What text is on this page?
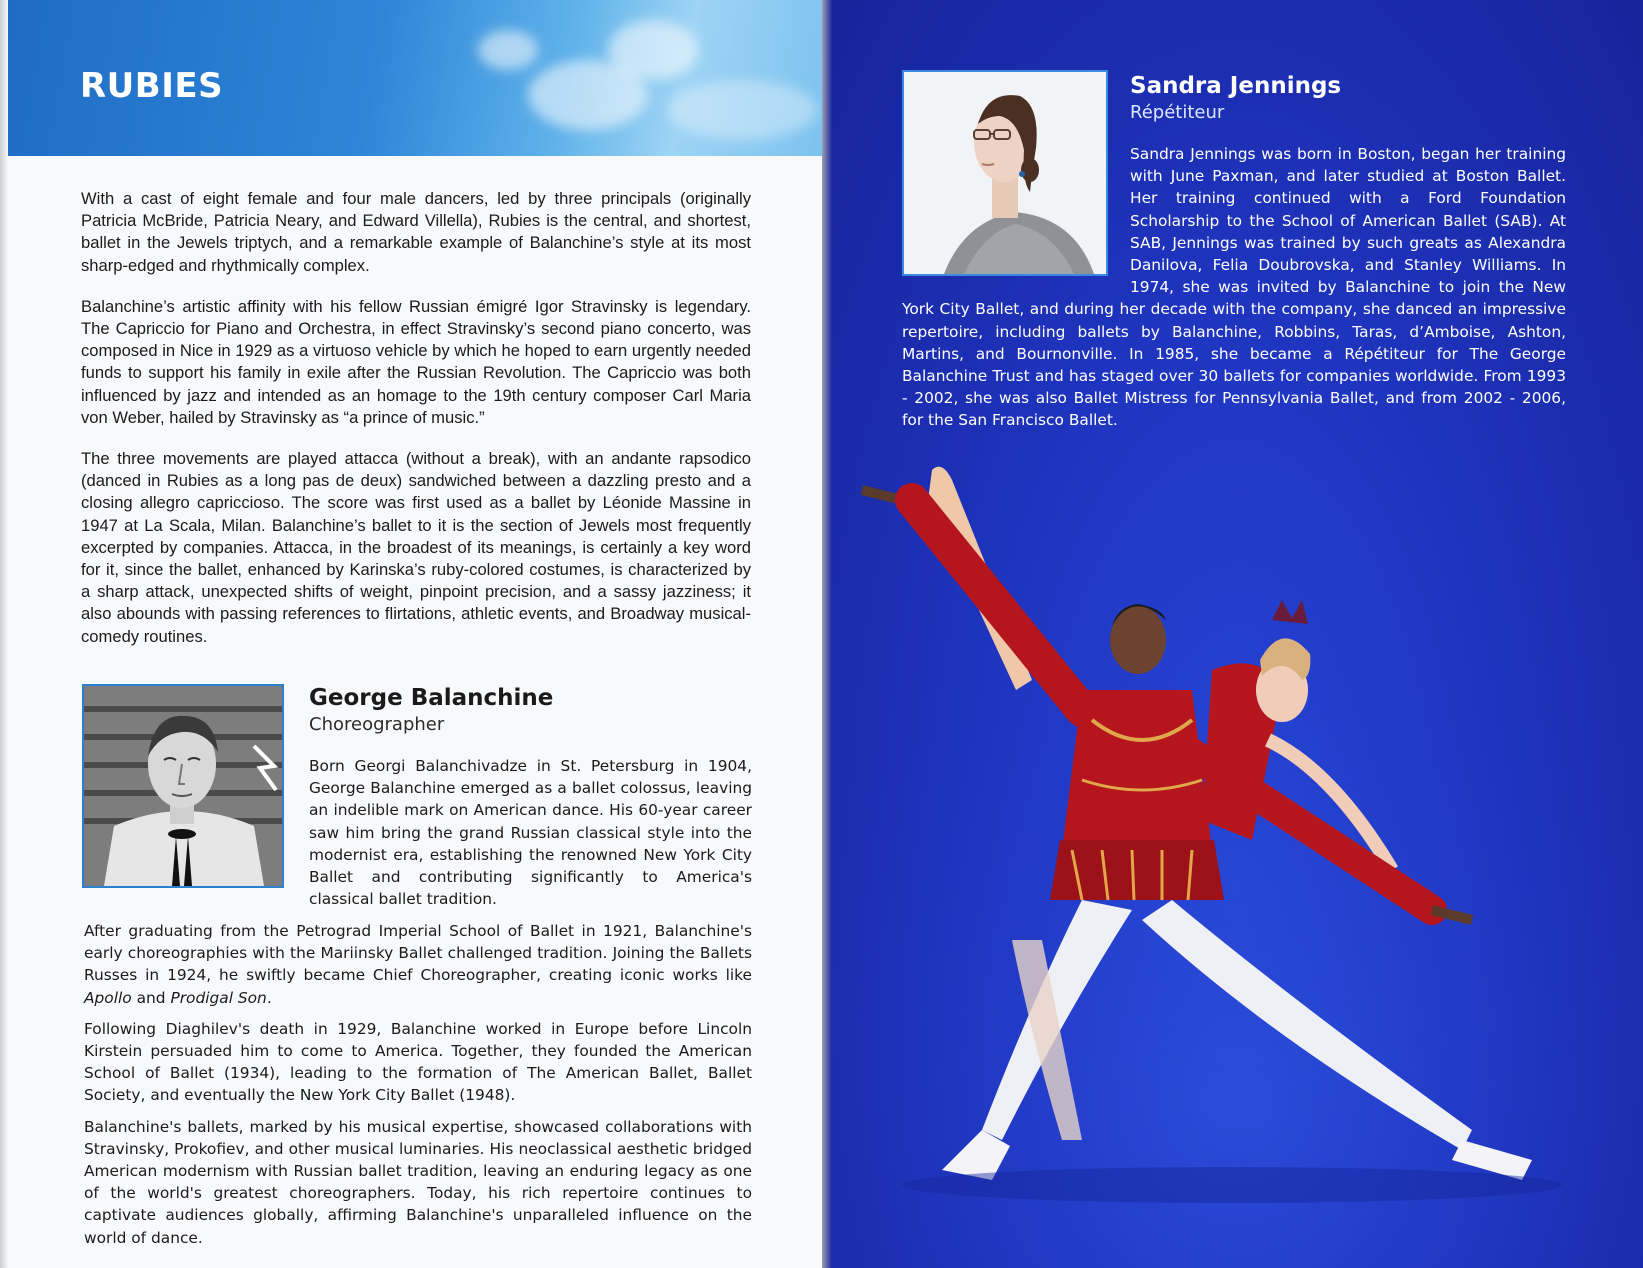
RUBIES

With a cast of eight female and four male dancers, led by three principals (originally Patricia McBride, Patricia Neary, and Edward Villella), Rubies is the central, and shortest, ballet in the Jewels triptych, and a remarkable example of Balanchine’s style at its most sharp-edged and rhythmically complex.

Balanchine’s artistic affinity with his fellow Russian émigré Igor Stravinsky is legendary. The Capriccio for Piano and Orchestra, in effect Stravinsky’s second piano concerto, was composed in Nice in 1929 as a virtuoso vehicle by which he hoped to earn urgently needed funds to support his family in exile after the Russian Revolution. The Capriccio was both influenced by jazz and intended as an homage to the 19th century composer Carl Maria von Weber, hailed by Stravinsky as “a prince of music.”

The three movements are played attacca (without a break), with an andante rapsodico (danced in Rubies as a long pas de deux) sandwiched between a dazzling presto and a closing allegro capriccioso. The score was first used as a ballet by Léonide Massine in 1947 at La Scala, Milan. Balanchine’s ballet to it is the section of Jewels most frequently excerpted by companies. Attacca, in the broadest of its meanings, is certainly a key word for it, since the ballet, enhanced by Karinska’s ruby-colored costumes, is characterized by a sharp attack, unexpected shifts of weight, pinpoint precision, and a sassy jazziness; it also abounds with passing references to flirtations, athletic events, and Broadway musical-comedy routines.

George Balanchine

Choreographer

Born Georgi Balanchivadze in St. Petersburg in 1904, George Balanchine emerged as a ballet colossus, leaving an indelible mark on American dance. His 60-year career saw him bring the grand Russian classical style into the modernist era, establishing the renowned New York City Ballet and contributing significantly to America's classical ballet tradition.

After graduating from the Petrograd Imperial School of Ballet in 1921, Balanchine's early choreographies with the Mariinsky Ballet challenged tradition. Joining the Ballets Russes in 1924, he swiftly became Chief Choreographer, creating iconic works like Apollo and Prodigal Son.

Following Diaghilev's death in 1929, Balanchine worked in Europe before Lincoln Kirstein persuaded him to come to America. Together, they founded the American School of Ballet (1934), leading to the formation of The American Ballet, Ballet Society, and eventually the New York City Ballet (1948).

Balanchine's ballets, marked by his musical expertise, showcased collaborations with Stravinsky, Prokofiev, and other musical luminaries. His neoclassical aesthetic bridged American modernism with Russian ballet tradition, leaving an enduring legacy as one of the world's greatest choreographers. Today, his rich repertoire continues to captivate audiences globally, affirming Balanchine's unparalleled influence on the world of dance.

Sandra Jennings

Répétiteur

Sandra Jennings was born in Boston, began her training with June Paxman, and later studied at Boston Ballet. Her training continued with a Ford Foundation Scholarship to the School of American Ballet (SAB). At SAB, Jennings was trained by such greats as Alexandra Danilova, Felia Doubrovska, and Stanley Williams. In 1974, she was invited by Balanchine to join the New York City Ballet, and during her decade with the company, she danced an impressive repertoire, including ballets by Balanchine, Robbins, Taras, d’Amboise, Ashton, Martins, and Bournonville. In 1985, she became a Répétiteur for The George Balanchine Trust and has staged over 30 ballets for companies worldwide. From 1993 - 2002, she was also Ballet Mistress for Pennsylvania Ballet, and from 2002 - 2006, for the San Francisco Ballet.
